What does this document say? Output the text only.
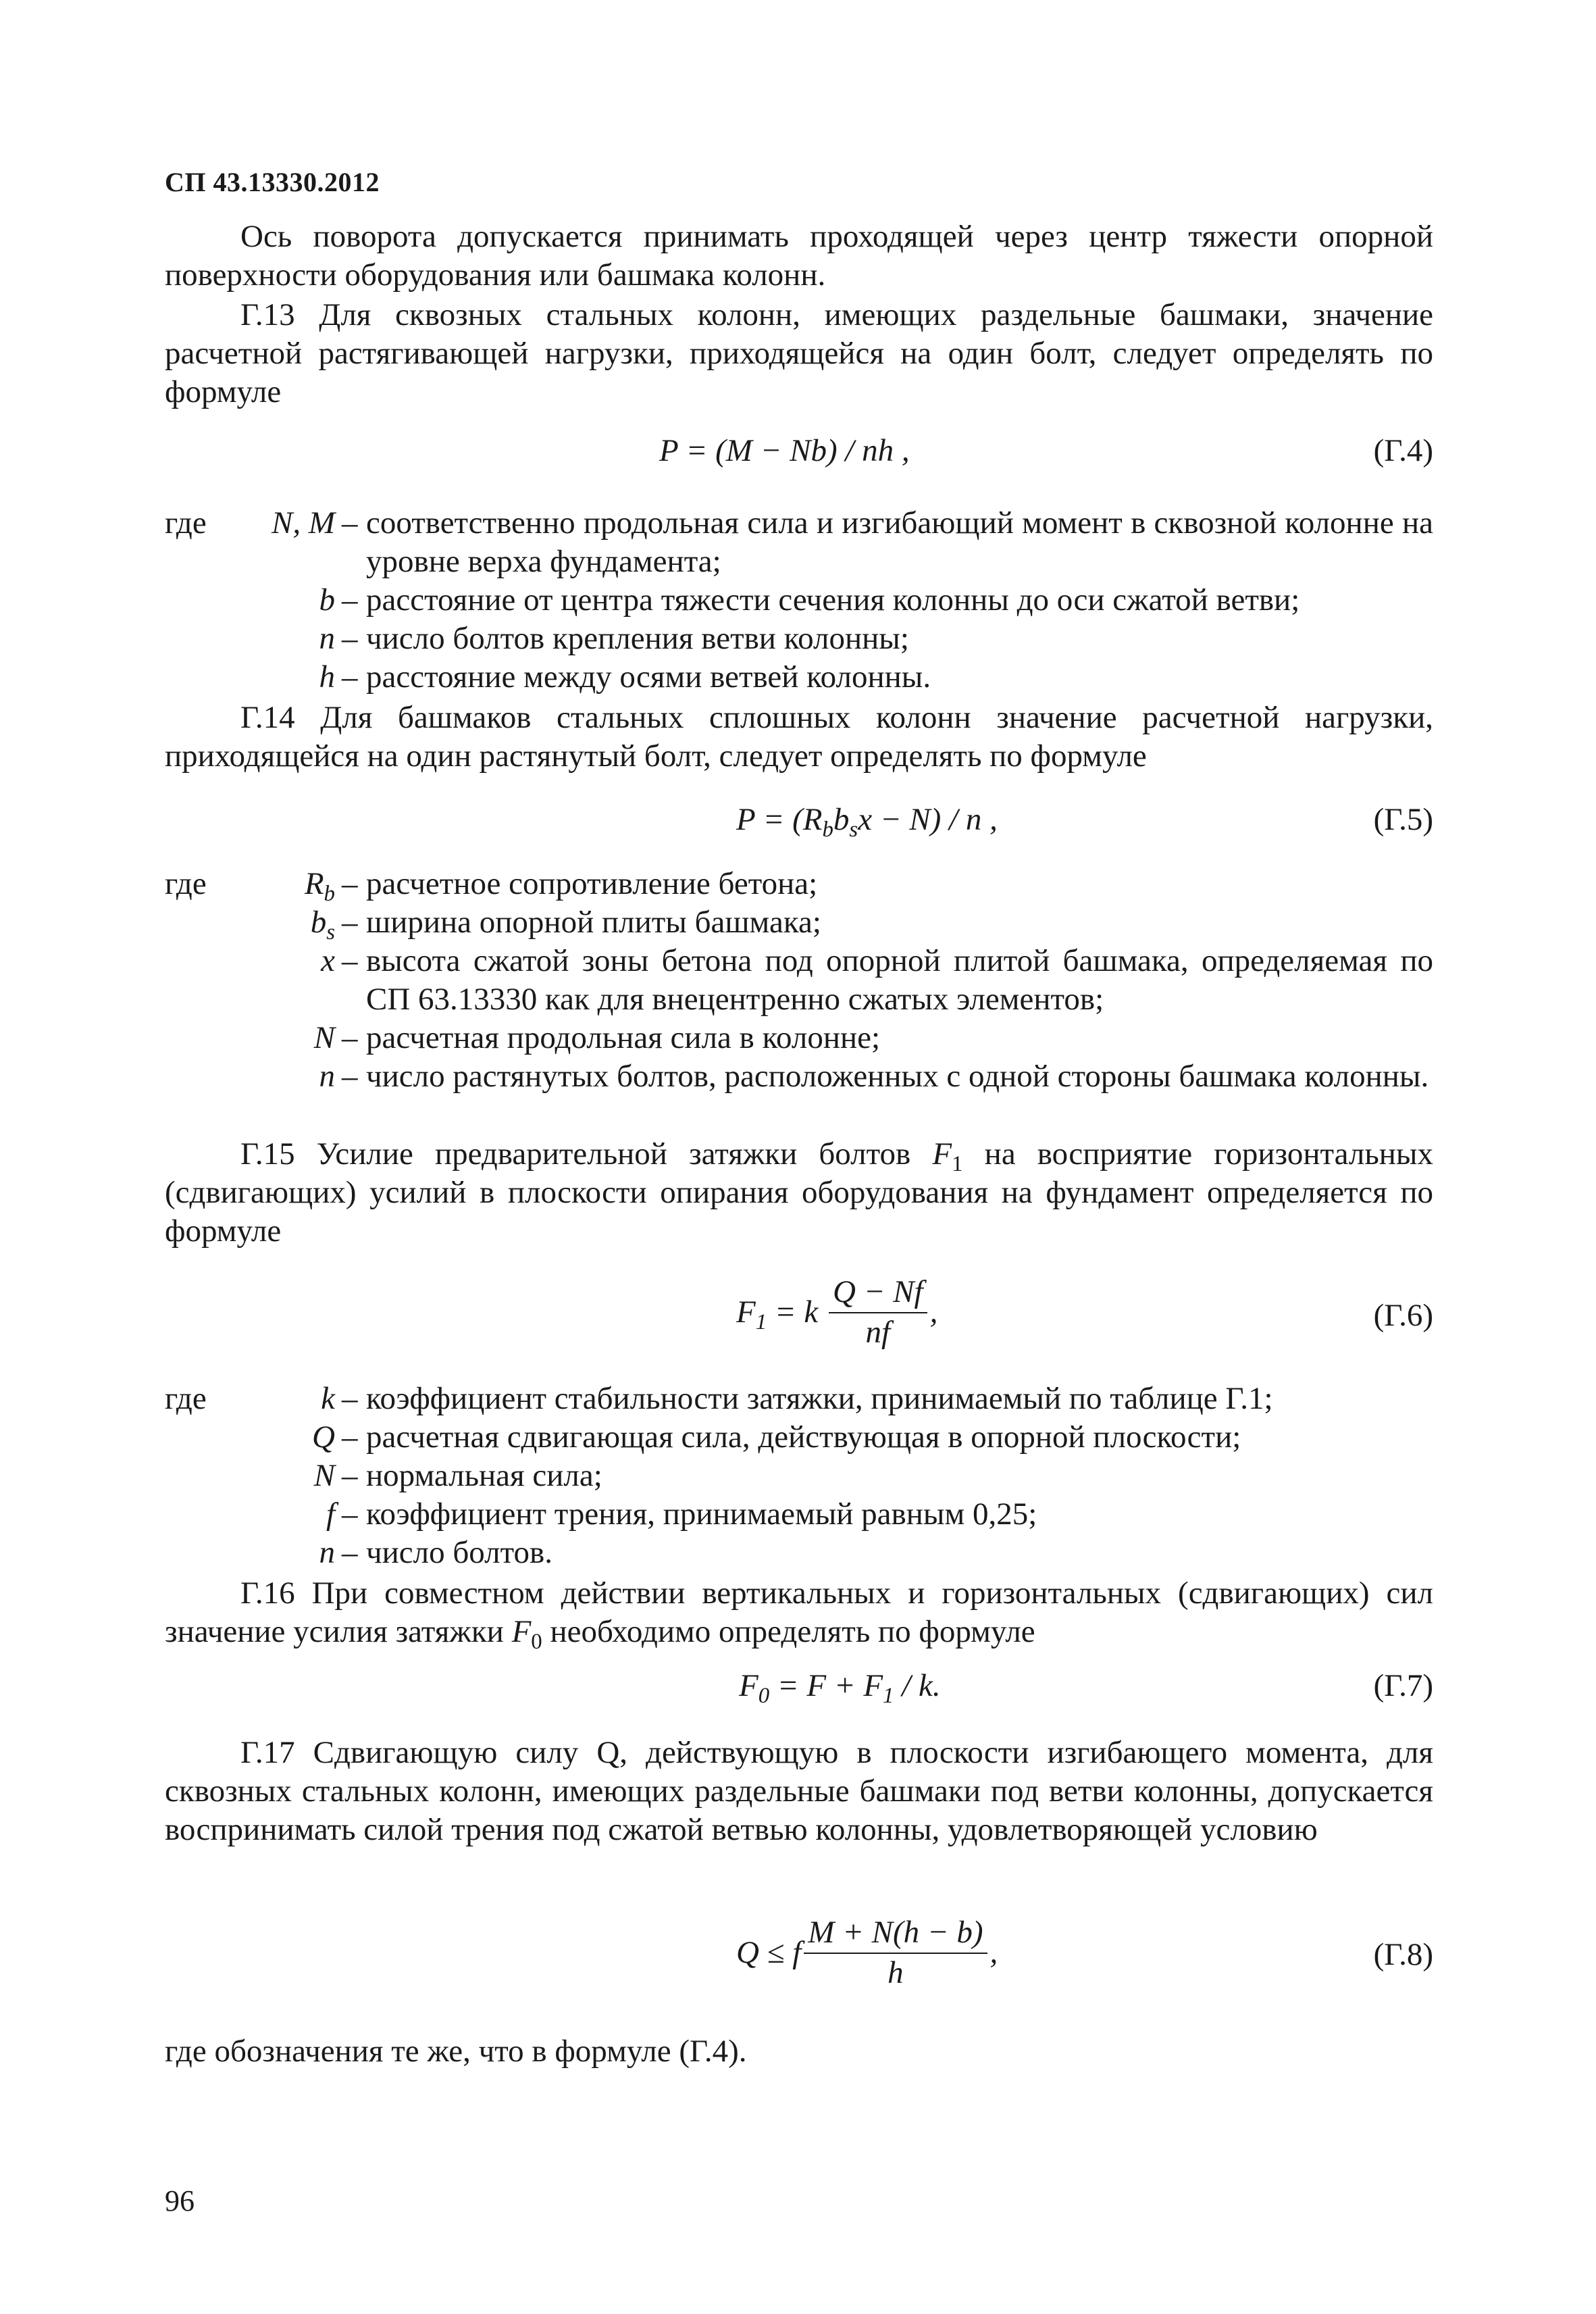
СП 43.13330.2012
Ось поворота допускается принимать проходящей через центр тяжести опорной поверхности оборудования или башмака колонн.
Г.13 Для сквозных стальных колонн, имеющих раздельные башмаки, значение расчетной растягивающей нагрузки, приходящейся на один болт, следует определять по формуле
P = (M − Nb) / nh ,	(Г.4)
где N, M – соответственно продольная сила и изгибающий момент в сквозной колонне на уровне верха фундамента;
b – расстояние от центра тяжести сечения колонны до оси сжатой ветви;
n – число болтов крепления ветви колонны;
h – расстояние между осями ветвей колонны.
Г.14 Для башмаков стальных сплошных колонн значение расчетной нагрузки, приходящейся на один растянутый болт, следует определять по формуле
$P = (R_bb_sx - N) / n$ ,	(Г.5)
где	$R_b$ – расчетное сопротивление бетона;
$b_s$ – ширина опорной плиты башмака;
x – высота сжатой зоны бетона под опорной плитой башмака, определяемая по СП 63.13330 как для внецентренно сжатых элементов;
N – расчетная продольная сила в колонне;
n – число растянутых болтов, расположенных с одной стороны башмака колонны.
Г.15 Усилие предварительной затяжки болтов $F_1$ на восприятие горизонтальных (сдвигающих) усилий в плоскости опирания оборудования на фундамент определяется по формуле
$F_1 = k \frac{Q - Nf}{nf}$ ,	(Г.6)
где	k – коэффициент стабильности затяжки, принимаемый по таблице Г.1;
Q – расчетная сдвигающая сила, действующая в опорной плоскости;
N – нормальная сила;
f – коэффициент трения, принимаемый равным 0,25;
n – число болтов.
Г.16 При совместном действии вертикальных и горизонтальных (сдвигающих) сил значение усилия затяжки $F_0$ необходимо определять по формуле
$F_0 = F + F_1 / k$.	(Г.7)
Г.17 Сдвигающую силу Q, действующую в плоскости изгибающего момента, для сквозных стальных колонн, имеющих раздельные башмаки под ветви колонны, допускается воспринимать силой трения под сжатой ветвью колонны, удовлетворяющей условию
Q ≤ f $\frac{M + N(h - b)}{h}$ ,	(Г.8)
где обозначения те же, что в формуле (Г.4).
96
